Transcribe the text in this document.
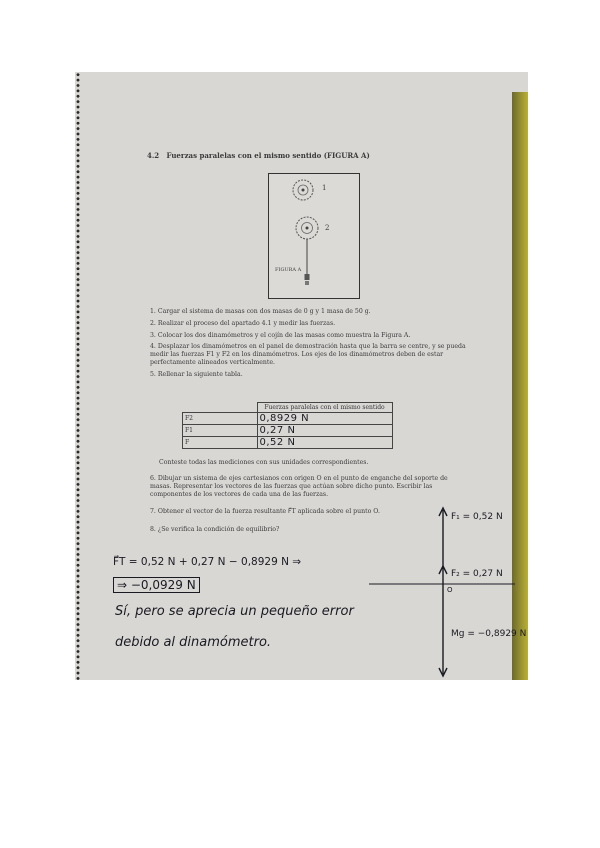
4.2 Fuerzas paralelas con el mismo sentido (FIGURA A)
1
2
FIGURA A
1. Cargar el sistema de masas con dos masas de 0 g y 1 masa de 50 g.
2. Realizar el proceso del apartado 4.1 y medir las fuerzas.
3. Colocar los dos dinamómetros y el cojín de las masas como muestra la Figura A.
4. Desplazar los dinamómetros en el panel de demostración hasta que la barra se centre, y se pueda medir las fuerzas F1 y F2 en los dinamómetros. Los ejes de los dinamómetros deben de estar perfectamente alineados verticalmente.
5. Rellenar la siguiente tabla.
	Fuerzas paralelas con el mismo sentido
F2	0,8929 N
F1	0,27 N
F	0,52 N
Conteste todas las mediciones con sus unidades correspondientes.
6. Dibujar un sistema de ejes cartesianos con origen O en el punto de enganche del soporte de masas. Representar los vectores de las fuerzas que actúan sobre dicho punto. Escribir las componentes de los vectores de cada una de las fuerzas.
7. Obtener el vector de la fuerza resultante F⃗T aplicada sobre el punto O.
8. ¿Se verifica la condición de equilibrio?
F⃗T = 0,52 N + 0,27 N − 0,8929 N ⇒
⇒ −0,0929 N
Sí, pero se aprecia un pequeño error
debido al dinamómetro.
F₁ = 0,52 N
F₂ = 0,27 N
O
Mg = −0,8929 N
